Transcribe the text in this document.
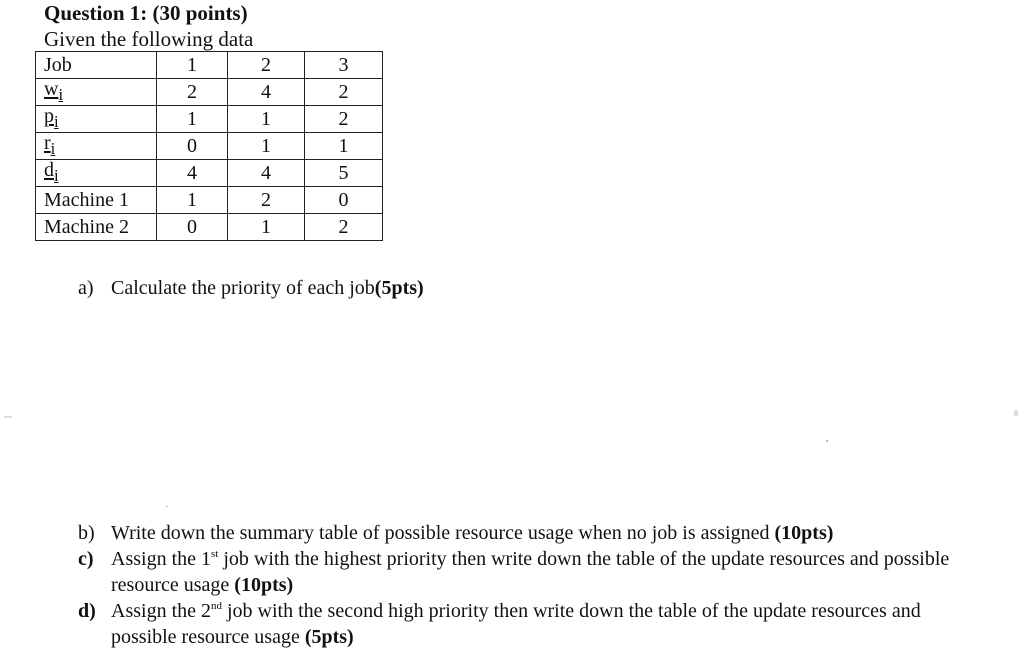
Question 1: (30 points)
Given the following data
Job	1	2	3
$w_i$	2	4	2
$p_i$	1	1	2
$r_i$	0	1	1
$d_i$	4	4	5
Machine 1	1	2	0
Machine 2	0	1	2
a) Calculate the priority of each job(5pts)
b) Write down the summary table of possible resource usage when no job is assigned (10pts)
c) Assign the 1st job with the highest priority then write down the table of the update resources and possible resource usage (10pts)
d) Assign the 2nd job with the second high priority then write down the table of the update resources and possible resource usage (5pts)
